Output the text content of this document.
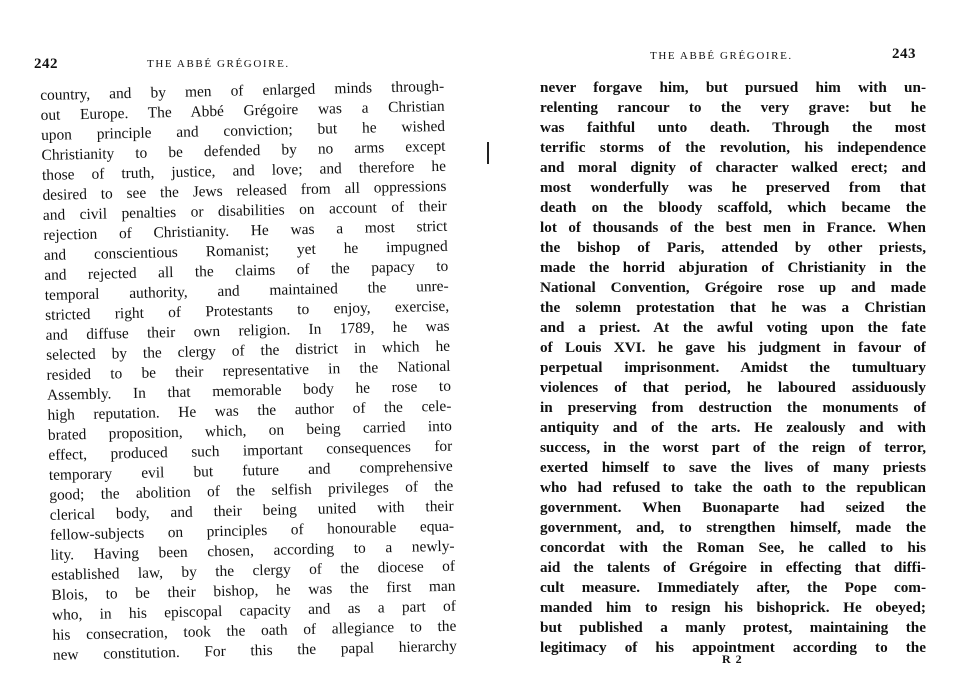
242	THE ABBÉ GRÉGOIRE.
country, and by men of enlarged minds through-
out Europe. The Abbé Grégoire was a Christian
upon principle and conviction; but he wished
Christianity to be defended by no arms except
those of truth, justice, and love; and therefore he
desired to see the Jews released from all oppressions
and civil penalties or disabilities on account of their
rejection of Christianity. He was a most strict
and conscientious Romanist; yet he impugned
and rejected all the claims of the papacy to
temporal authority, and maintained the unre-
stricted right of Protestants to enjoy, exercise,
and diffuse their own religion. In 1789, he was
selected by the clergy of the district in which he
resided to be their representative in the National
Assembly. In that memorable body he rose to
high reputation. He was the author of the cele-
brated proposition, which, on being carried into
effect, produced such important consequences for
temporary evil but future and comprehensive
good; the abolition of the selfish privileges of the
clerical body, and their being united with their
fellow-subjects on principles of honourable equa-
lity. Having been chosen, according to a newly-
established law, by the clergy of the diocese of
Blois, to be their bishop, he was the first man
who, in his episcopal capacity and as a part of
his consecration, took the oath of allegiance to the
new constitution. For this the papal hierarchy
THE ABBÉ GRÉGOIRE.	243
never forgave him, but pursued him with un-
relenting rancour to the very grave: but he
was faithful unto death. Through the most
terrific storms of the revolution, his independence
and moral dignity of character walked erect; and
most wonderfully was he preserved from that
death on the bloody scaffold, which became the
lot of thousands of the best men in France. When
the bishop of Paris, attended by other priests,
made the horrid abjuration of Christianity in the
National Convention, Grégoire rose up and made
the solemn protestation that he was a Christian
and a priest. At the awful voting upon the fate
of Louis XVI. he gave his judgment in favour of
perpetual imprisonment. Amidst the tumultuary
violences of that period, he laboured assiduously
in preserving from destruction the monuments of
antiquity and of the arts. He zealously and with
success, in the worst part of the reign of terror,
exerted himself to save the lives of many priests
who had refused to take the oath to the republican
government. When Buonaparte had seized the
government, and, to strengthen himself, made the
concordat with the Roman See, he called to his
aid the talents of Grégoire in effecting that diffi-
cult measure. Immediately after, the Pope com-
manded him to resign his bishoprick. He obeyed;
but published a manly protest, maintaining the
legitimacy of his appointment according to the
R 2
